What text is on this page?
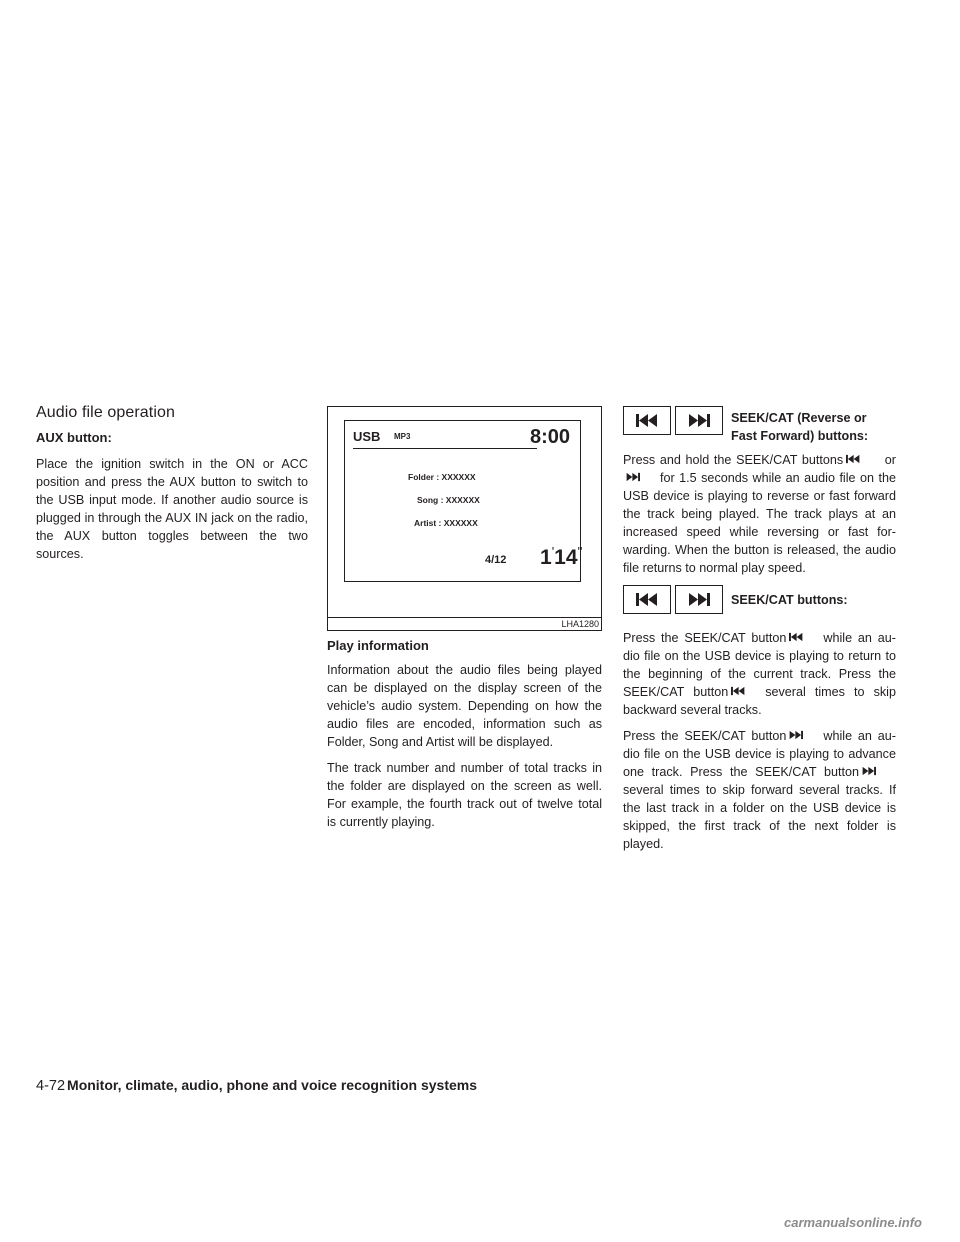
Audio file operation

AUX button:

Place the ignition switch in the ON or ACC position and press the AUX button to switch to the USB input mode. If another audio source is plugged in through the AUX IN jack on the radio, the AUX button toggles between the two sources.

USB MP3	8:00
Folder : XXXXXX
Song : XXXXXX
Artist : XXXXXX
4/12 1'14''
LHA1280

Play information

Information about the audio files being played can be displayed on the display screen of the vehicle’s audio system. Depending on how the audio files are encoded, information such as Folder, Song and Artist will be displayed.

The track number and number of total tracks in the folder are displayed on the screen as well. For example, the fourth track out of twelve total is currently playing.

SEEK/CAT (Reverse or
Fast Forward) buttons:

Press and hold the SEEK/CAT buttons	orfor 1.5 seconds while an audio file on the USB device is playing to reverse or fast forward the track being played. The track plays at an increased speed while reversing or fast for- warding. When the button is released, the audio file returns to normal play speed.

SEEK/CAT buttons:

Press the SEEK/CAT button	while an au- dio file on the USB device is playing to return to the beginning of the current track. Press the SEEK/CAT button	several times to skip backward several tracks.

Press the SEEK/CAT button	while an au- dio file on the USB device is playing to advance one track. Press the SEEK/CAT buttonseveral times to skip forward several tracks. If the last track in a folder on the USB device is skipped, the first track of the next folder is played.

4-72 Monitor, climate, audio, phone and voice recognition systems
carmanualsonline.info
